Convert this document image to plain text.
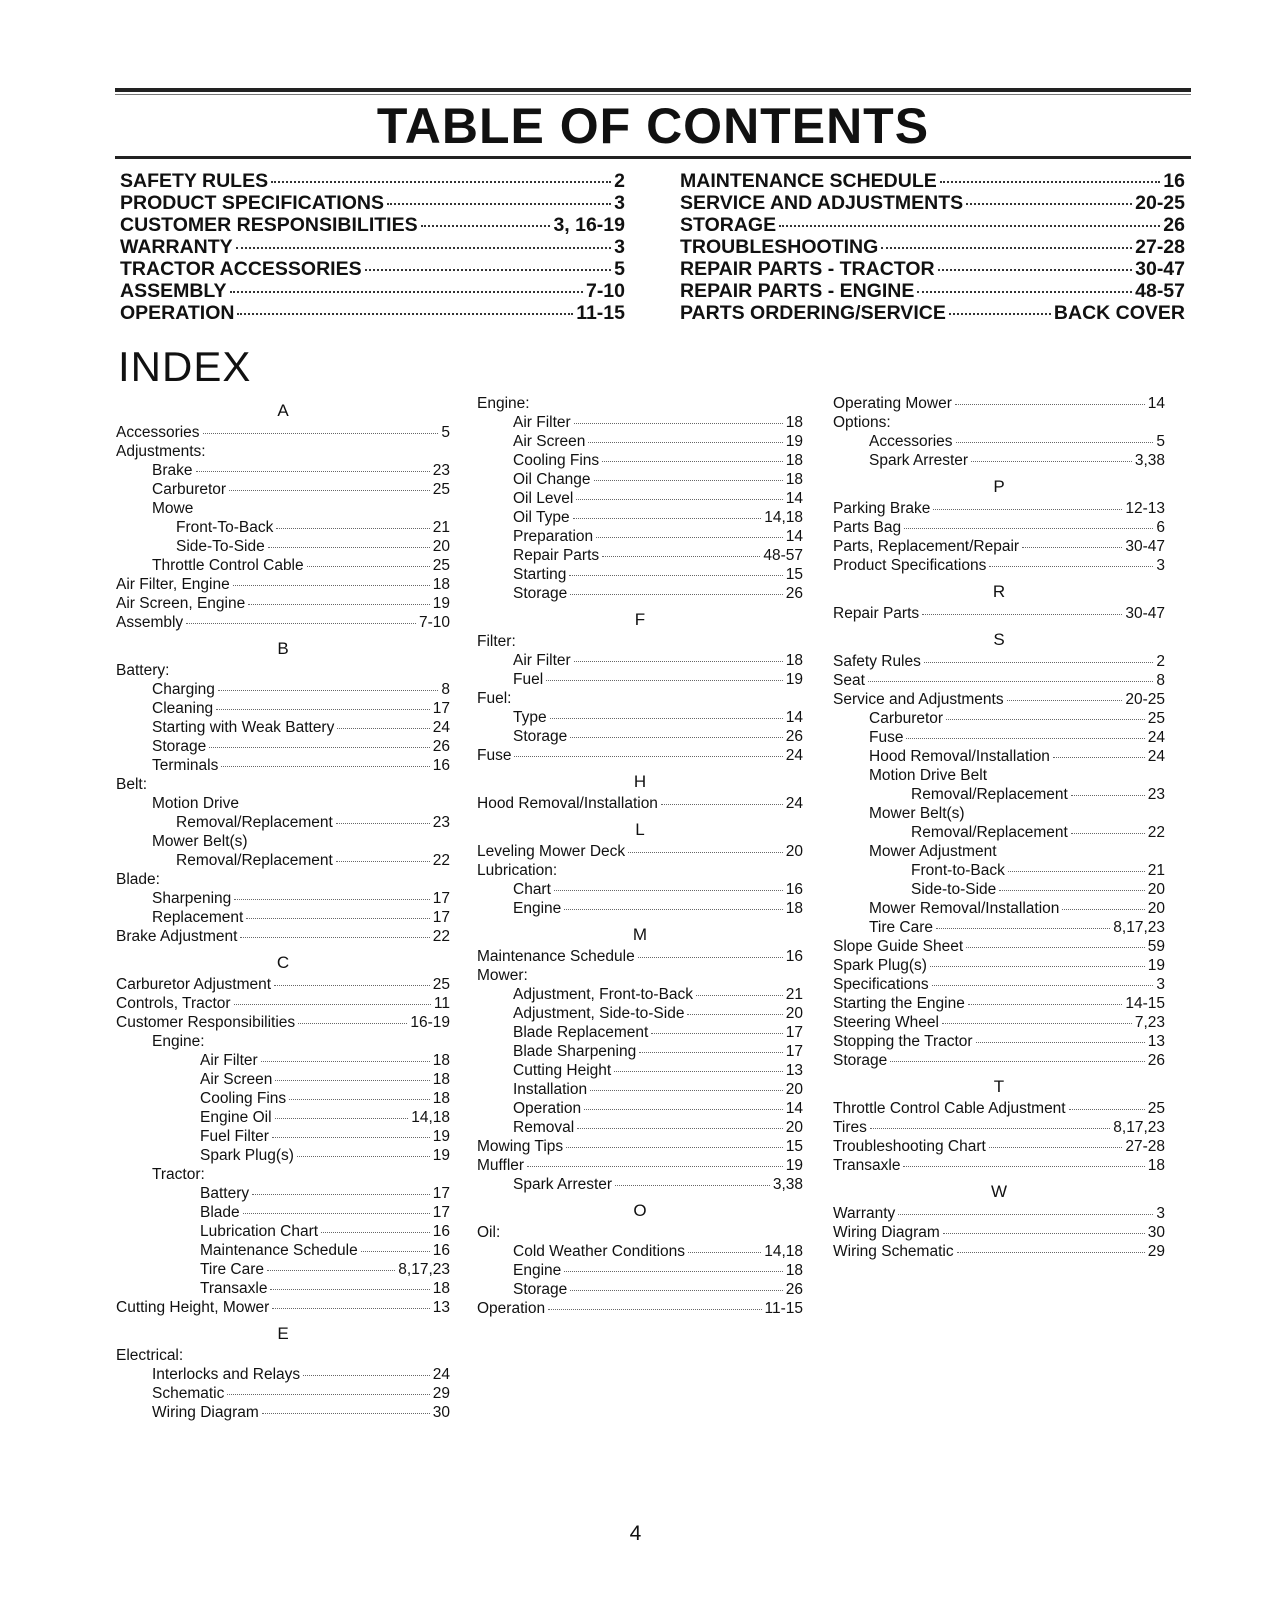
TABLE OF CONTENTS
SAFETY RULES	2
PRODUCT SPECIFICATIONS	3
CUSTOMER RESPONSIBILITIES	3, 16-19
WARRANTY	3
TRACTOR ACCESSORIES	5
ASSEMBLY	7-10
OPERATION	11-15
MAINTENANCE SCHEDULE	16
SERVICE AND ADJUSTMENTS	20-25
STORAGE	26
TROUBLESHOOTING	27-28
REPAIR PARTS - TRACTOR	30-47
REPAIR PARTS - ENGINE	48-57
PARTS ORDERING/SERVICE	BACK COVER
INDEX
A
Accessories	5
Adjustments:
Brake	23
Carburetor	25
Mowe
Front-To-Back	21
Side-To-Side	20
Throttle Control Cable	25
Air Filter, Engine	18
Air Screen, Engine	19
Assembly	7-10
B
Battery:
Charging	8
Cleaning	17
Starting with Weak Battery	24
Storage	26
Terminals	16
Belt:
Motion Drive
Removal/Replacement	23
Mower Belt(s)
Removal/Replacement	22
Blade:
Sharpening	17
Replacement	17
Brake Adjustment	22
C
Carburetor Adjustment	25
Controls, Tractor	11
Customer Responsibilities	16-19
Engine:
Air Filter	18
Air Screen	18
Cooling Fins	18
Engine Oil	14,18
Fuel Filter	19
Spark Plug(s)	19
Tractor:
Battery	17
Blade	17
Lubrication Chart	16
Maintenance Schedule	16
Tire Care	8,17,23
Transaxle	18
Cutting Height, Mower	13
E
Electrical:
Interlocks and Relays	24
Schematic	29
Wiring Diagram	30
Engine:
Air Filter	18
Air Screen	19
Cooling Fins	18
Oil Change	18
Oil Level	14
Oil Type	14,18
Preparation	14
Repair Parts	48-57
Starting	15
Storage	26
F
Filter:
Air Filter	18
Fuel	19
Fuel:
Type	14
Storage	26
Fuse	24
H
Hood Removal/Installation	24
L
Leveling Mower Deck	20
Lubrication:
Chart	16
Engine	18
M
Maintenance Schedule	16
Mower:
Adjustment, Front-to-Back	21
Adjustment, Side-to-Side	20
Blade Replacement	17
Blade Sharpening	17
Cutting Height	13
Installation	20
Operation	14
Removal	20
Mowing Tips	15
Muffler	19
Spark Arrester	3,38
O
Oil:
Cold Weather Conditions	14,18
Engine	18
Storage	26
Operation	11-15
Operating Mower	14
Options:
Accessories	5
Spark Arrester	3,38
P
Parking Brake	12-13
Parts Bag	6
Parts, Replacement/Repair	30-47
Product Specifications	3
R
Repair Parts	30-47
S
Safety Rules	2
Seat	8
Service and Adjustments	20-25
Carburetor	25
Fuse	24
Hood Removal/Installation	24
Motion Drive Belt
Removal/Replacement	23
Mower Belt(s)
Removal/Replacement	22
Mower Adjustment
Front-to-Back	21
Side-to-Side	20
Mower Removal/Installation	20
Tire Care	8,17,23
Slope Guide Sheet	59
Spark Plug(s)	19
Specifications	3
Starting the Engine	14-15
Steering Wheel	7,23
Stopping the Tractor	13
Storage	26
T
Throttle Control Cable Adjustment	25
Tires	8,17,23
Troubleshooting Chart	27-28
Transaxle	18
W
Warranty	3
Wiring Diagram	30
Wiring Schematic	29
4
